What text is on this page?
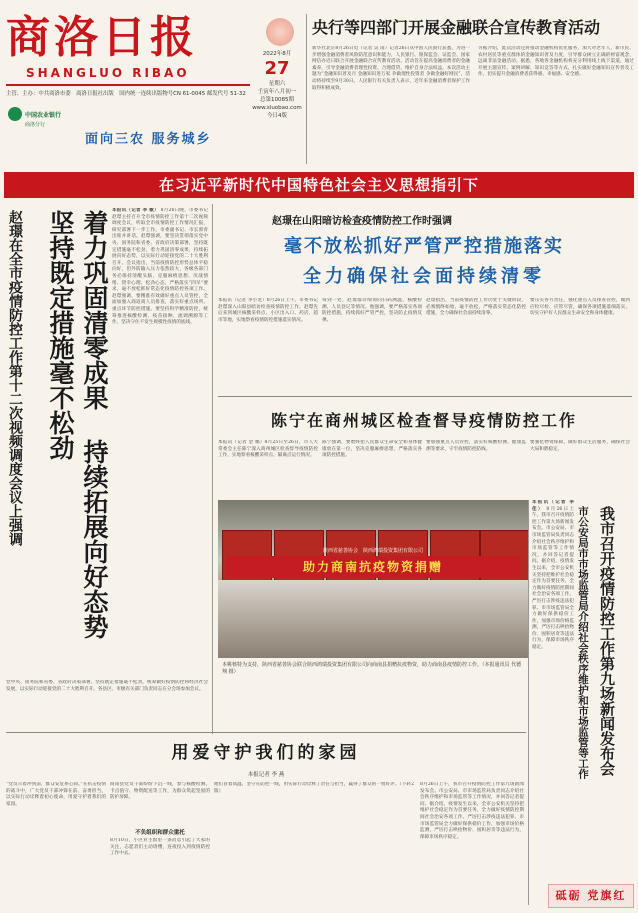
商洛日报
SHANGLUO RIBAO
主管、主办：中共商洛市委　商洛日报社出版　国内统一连续出版物号CN 61-0045 邮发代号 51-32
中国农业银行
商洛分行
面向三农 服务城乡
2022年8月
27
星期六
壬寅年八月初一
总第10085期
www.sluobao.com
今日4版
央行等四部门开展金融联合宣传教育活动
新华社北京8月26日电（记者 吴 雨）记者26日从中国人民银行获悉，为进一步增强金融消费者风险防范意识和能力，人民银行、银保监会、证监会、国家网信办近日联合开展金融联合宣传教育活动。活动旨在提高金融消费者的金融素养，引导金融消费者理性投资、合理借贷，维护自身合法权益。本次活动主题为“金融知识普及月 金融知识进万家 争做理性投资者 争做金融好网民”，活动将持续至9月30日。人民银行有关负责人表示，近年来金融消费者保护工作取得积极成效。
另据介绍，此次活动还将推动金融机构优化服务，加大对老年人、新市民、农村居民等重点群体的金融知识普及力度，引导群众树立正确的财富观念，远离非法金融活动。据悉，各地各金融机构将充分利用线上线下渠道，通过开展主题宣传、案例讲解、知识竞答等方式，扎实做好金融知识宣传普及工作，切实提升金融消费者获得感、幸福感、安全感。
在习近平新时代中国特色社会主义思想指引下
赵璟在全市疫情防控工作第十二次视频调度会议上强调 坚持既定措施毫不松劲 着力巩固清零成果 持续拓展向好态势 本报讯（记者 李 敏） 8月26日晚，市委书记赵璟主持召开全市疫情防控工作第十二次视频调度会议，听取全市疫情防控工作情况汇报，研究部署下一步工作。市委副书记、市长郭青出席并讲话。赵璟强调，要坚决贯彻落实党中央、国务院和省委、省政府决策部署，坚持既定措施毫不松劲，着力巩固清零成果，持续拓展向好态势，以实际行动迎接党的二十大胜利召开。会议指出，当前疫情防控形势总体平稳向好，但外防输入压力依然较大，各级各部门务必保持清醒头脑，克服麻痹思想、厌战情绪、侥幸心理、松劲心态，严格落实“四早”要求，毫不放松抓好常态化疫情防控各项工作。赵璟强调，要精准有效做好重点人员管控，全面加强入商返商人员排查，落实好重点场所、重点环节防控措施。要坚持科学精准防控，统筹推进核酸检测、疫苗接种、流调溯源等工作，坚决守住不发生规模性疫情的底线。
党中央、国务院和省委、省政府决策部署，坚持既定措施毫不松劲，统筹做好疫情防控和经济社会发展，以实际行动迎接党的二十大胜利召开。各县区、市级有关部门负责同志在分会场参加会议。
赵璟在山阳暗访检查疫情防控工作时强调
毫不放松抓好严管严控措施落实
全力确保社会面持续清零
本报讯（记者 李小龙）8月26日上午，市委书记赵璟深入山阳县暗访检查疫情防控工作。赵璟先后来到城区核酸采样点、小区出入口、药店、超市等地，实地察看疫情防控措施落实情况。
每到一处，赵璟都详细询问扫码测温、核酸检测、人员登记等情况。他强调，要严格落实各项防控措施，持续抓好严管严控，坚决防止疫情反弹。
赵璟指出，当前疫情防控工作仍处于关键阶段，必须慎终如始、毫不放松，严格落实常态化防控措施，全力确保社会面持续清零。
要压实各方责任，强化重点人员排查管控，做到应检尽检、应管尽管，确保各项措施落细落实，切实守护好人民群众生命安全和身体健康。
陈宁在商州城区检查督导疫情防控工作
本报讯（记者 金 娜）8月25日至26日，市人大常委会主任陈宁深入商州城区检查督导疫情防控工作，实地察看核酸采样点、隔离点运行情况。
陈宁强调，要始终把人民群众生命安全和身体健康放在第一位，坚决克服麻痹思想，严格落实各项防控措施。
要加强重点人员管控，落实好核酸检测、健康监测等要求，守牢疫情防控防线。
要强化物资保障，做好群众生活服务，确保社会大局和谐稳定。
陕西省慈善协会　陕西鸿瑞投资集团有限公司
助力商南抗疫物资捐赠
本桃核特为支持，陕西省慈善协会联合陕西鸿瑞投资集团有限公司向商南县捐赠抗疫物资，助力商南县疫情防控工作。（本报通讯员 代德翔 摄）	我市召开疫情防控工作第九场新闻发布会
市公安局市市场监管局介绍社会秩序维护和市场监管等工作
本报讯（记者 李 佳） 8月26日上午，我市召开疫情防控工作第九场新闻发布会。市公安局、市市场监管局负责同志介绍社会秩序维护和市场监管等工作情况，并回答记者提问。据介绍，疫情发生以来，全市公安机关坚持把维护社会稳定作为首要任务，全力做好疫情防控期间社会治安各项工作，严厉打击涉疫违法犯罪。市市场监管局全力做好保供稳价工作，加强市场价格监测，严厉打击哄抬物价、囤积居奇等违法行为，保障市场秩序稳定。
用爱守护我们的家园
本报记者 李 燕
“党员示着冲到前，群众安危系心间。”在抗击疫情的战斗中，广大党员干部冲锋在前、奋勇担当，以实际行动诠释着初心使命，用爱守护着我们的家园。
商南县党员干部纷纷下沉一线，参与核酸检测、卡点值守、物资配送等工作，为群众筑起坚固的防护屏障。
不负组织和群众重托
8月10日，小区业主群里一条消息引起了大家的关注，志愿者们主动请缨，连夜投入到疫情防控工作中去。
他们冒着高温，坚守在防控一线，用实际行动诠释了责任与担当，赢得了群众的一致好评。（下转2版）
8月26日上午，我市召开疫情防控工作第九场新闻发布会。市公安局、市市场监管局负责同志介绍社会秩序维护和市场监管等工作情况，并回答记者提问。据介绍，疫情发生以来，全市公安机关坚持把维护社会稳定作为首要任务，全力做好疫情防控期间社会治安各项工作，严厉打击涉疫违法犯罪。市市场监管局全力做好保供稳价工作，加强市场价格监测，严厉打击哄抬物价、囤积居奇等违法行为，保障市场秩序稳定。
砥砺 党旗红
